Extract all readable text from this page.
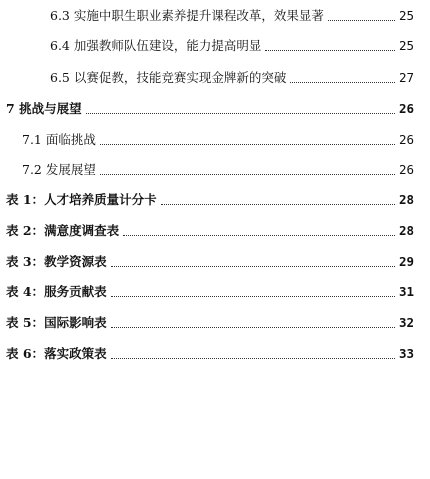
6.3 实施中职生职业素养提升课程改革，效果显著	25
6.4 加强教师队伍建设，能力提高明显	25
6.5 以赛促教，技能竞赛实现金牌新的突破	27
7 挑战与展望	26
7.1 面临挑战	26
7.2 发展展望	26
表 1：人才培养质量计分卡	28
表 2：满意度调查表	28
表 3：教学资源表	29
表 4：服务贡献表	31
表 5：国际影响表	32
表 6：落实政策表	33
